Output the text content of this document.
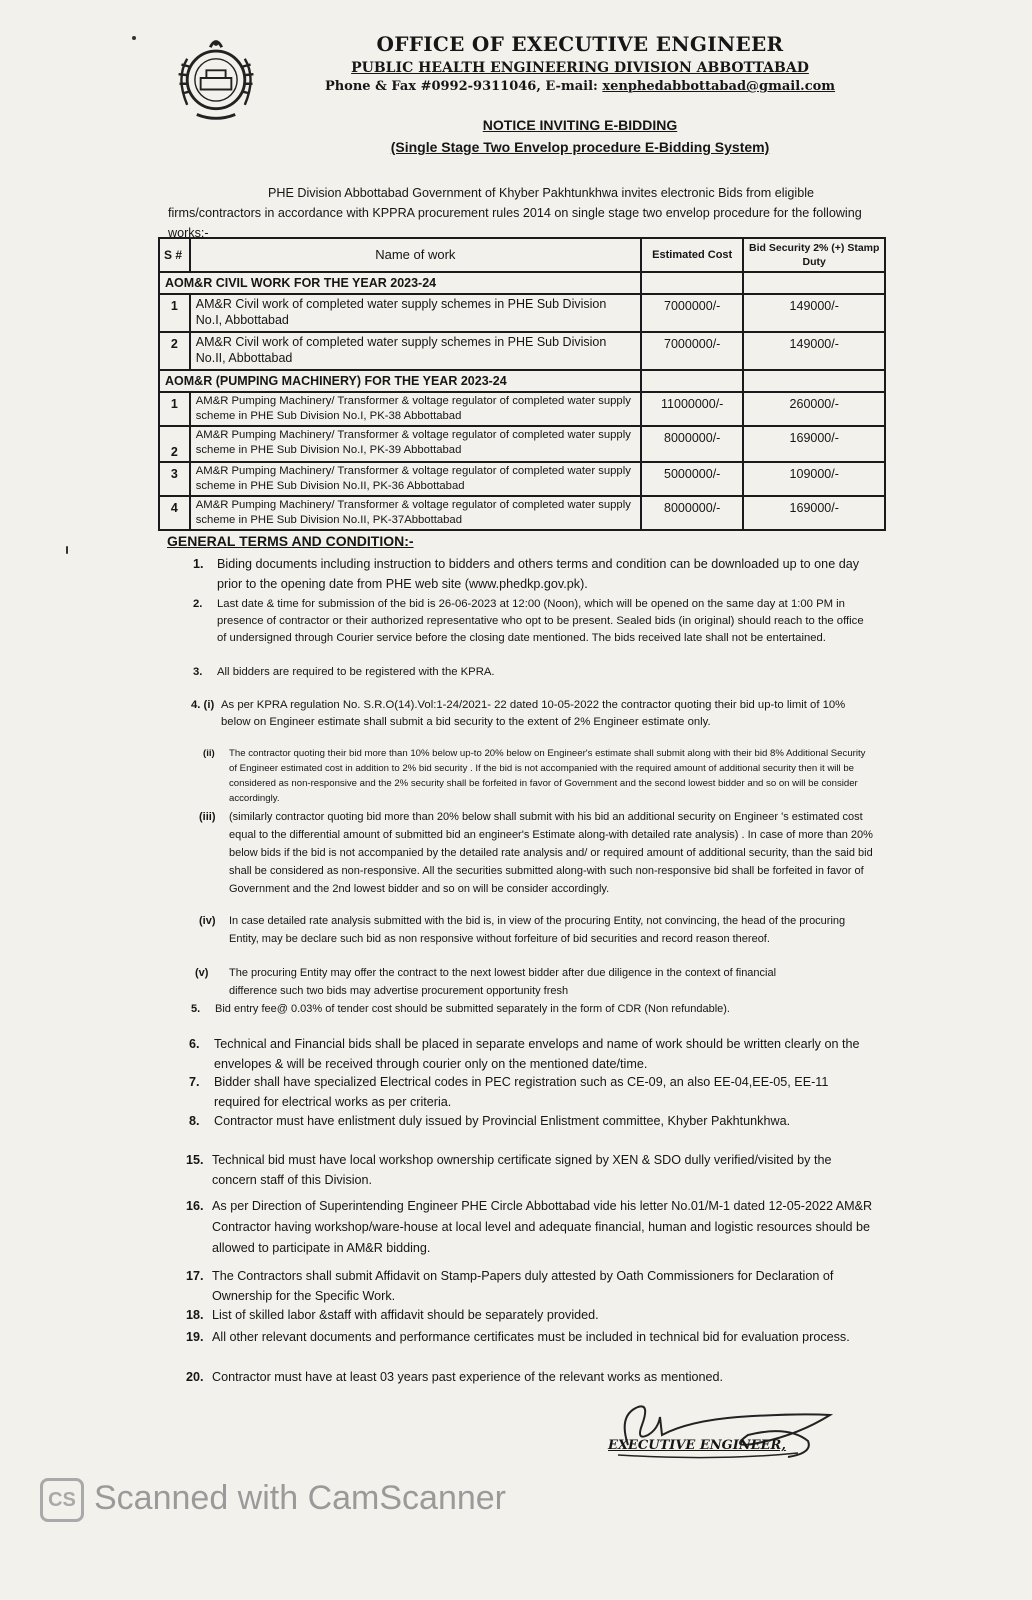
OFFICE OF EXECUTIVE ENGINEER
PUBLIC HEALTH ENGINEERING DIVISION ABBOTTABAD
Phone & Fax #0992-9311046, E-mail: xenphedabbottabad@gmail.com
NOTICE INVITING E-BIDDING
(Single Stage Two Envelop procedure E-Bidding System)
PHE Division Abbottabad Government of Khyber Pakhtunkhwa invites electronic Bids from eligible firms/contractors in accordance with KPPRA procurement rules 2014 on single stage two envelop procedure for the following works:-
S #	Name of work	Estimated Cost	Bid Security 2% (+) Stamp Duty
AOM&R CIVIL WORK FOR THE YEAR 2023-24			
1	AM&R Civil work of completed water supply schemes in PHE Sub Division No.I, Abbottabad	7000000/-	149000/-
2	AM&R Civil work of completed water supply schemes in PHE Sub Division No.II, Abbottabad	7000000/-	149000/-
AOM&R (PUMPING MACHINERY) FOR THE YEAR 2023-24			
1	AM&R Pumping Machinery/ Transformer & voltage regulator of completed water supply scheme in PHE Sub Division No.I, PK-38 Abbottabad	11000000/-	260000/-
2	AM&R Pumping Machinery/ Transformer & voltage regulator of completed water supply scheme in PHE Sub Division No.I, PK-39 Abbottabad	8000000/-	169000/-
3	AM&R Pumping Machinery/ Transformer & voltage regulator of completed water supply scheme in PHE Sub Division No.II, PK-36 Abbottabad	5000000/-	109000/-
4	AM&R Pumping Machinery/ Transformer & voltage regulator of completed water supply scheme in PHE Sub Division No.II, PK-37Abbottabad	8000000/-	169000/-
GENERAL TERMS AND CONDITION:-
1. Biding documents including instruction to bidders and others terms and condition can be downloaded up to one day prior to the opening date from PHE web site (www.phedkp.gov.pk).
2. Last date & time for submission of the bid is 26-06-2023 at 12:00 (Noon), which will be opened on the same day at 1:00 PM in presence of contractor or their authorized representative who opt to be present. Sealed bids (in original) should reach to the office of undersigned through Courier service before the closing date mentioned. The bids received late shall not be entertained.
3. All bidders are required to be registered with the KPRA.
4. (i) As per KPRA regulation No. S.R.O(14).Vol:1-24/2021- 22 dated 10-05-2022 the contractor quoting their bid up-to limit of 10% below on Engineer estimate shall submit a bid security to the extent of 2% Engineer estimate only.
(ii) The contractor quoting their bid more than 10% below up-to 20% below on Engineer's estimate shall submit along with their bid 8% Additional Security of Engineer estimated cost in addition to 2% bid security . If the bid is not accompanied with the required amount of additional security then it will be considered as non-responsive and the 2% security shall be forfeited in favor of Government and the second lowest bidder and so on will be consider accordingly.
(iii) (similarly contractor quoting bid more than 20% below shall submit with his bid an additional security on Engineer 's estimated cost equal to the differential amount of submitted bid an engineer's Estimate along-with detailed rate analysis) . In case of more than 20% below bids if the bid is not accompanied by the detailed rate analysis and/ or required amount of additional security, than the said bid shall be considered as non-responsive. All the securities submitted along-with such non-responsive bid shall be forfeited in favor of Government and the 2nd lowest bidder and so on will be consider accordingly.
(iv) In case detailed rate analysis submitted with the bid is, in view of the procuring Entity, not convincing, the head of the procuring Entity, may be declare such bid as non responsive without forfeiture of bid securities and record reason thereof.
(v) The procuring Entity may offer the contract to the next lowest bidder after due diligence in the context of financial difference such two bids may advertise procurement opportunity fresh
5. Bid entry fee@ 0.03% of tender cost should be submitted separately in the form of CDR (Non refundable).
6. Technical and Financial bids shall be placed in separate envelops and name of work should be written clearly on the envelopes & will be received through courier only on the mentioned date/time.
7. Bidder shall have specialized Electrical codes in PEC registration such as CE-09, an also EE-04,EE-05, EE-11 required for electrical works as per criteria.
8. Contractor must have enlistment duly issued by Provincial Enlistment committee, Khyber Pakhtunkhwa.
15. Technical bid must have local workshop ownership certificate signed by XEN & SDO dully verified/visited by the concern staff of this Division.
16. As per Direction of Superintending Engineer PHE Circle Abbottabad vide his letter No.01/M-1 dated 12-05-2022 AM&R Contractor having workshop/ware-house at local level and adequate financial, human and logistic resources should be allowed to participate in AM&R bidding.
17. The Contractors shall submit Affidavit on Stamp-Papers duly attested by Oath Commissioners for Declaration of Ownership for the Specific Work.
18. List of skilled labor &staff with affidavit should be separately provided.
19. All other relevant documents and performance certificates must be included in technical bid for evaluation process.
20. Contractor must have at least 03 years past experience of the relevant works as mentioned.
EXECUTIVE ENGINEER,
CS Scanned with CamScanner
